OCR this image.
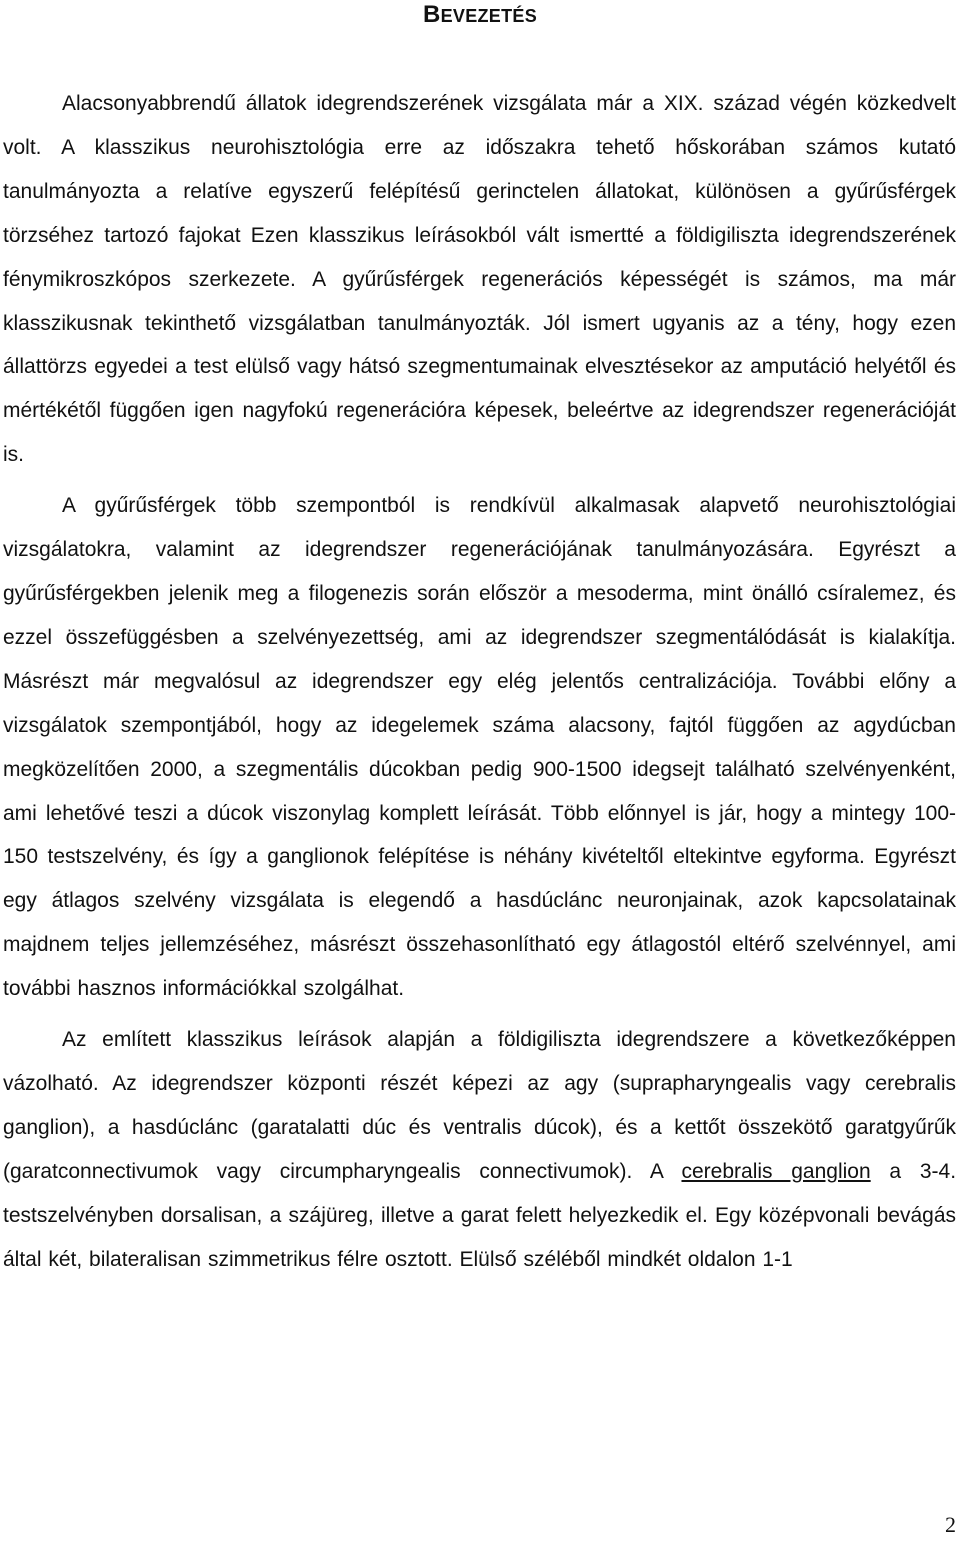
BEVEZETÉS

Alacsonyabbrendű állatok idegrendszerének vizsgálata már a XIX. század végén közkedvelt volt. A klasszikus neurohisztológia erre az időszakra tehető hőskorában számos kutató tanulmányozta a relatíve egyszerű felépítésű gerinctelen állatokat, különösen a gyűrűsférgek törzséhez tartozó fajokat Ezen klasszikus leírásokból vált ismertté a földigiliszta idegrendszerének fénymikroszkópos szerkezete. A gyűrűsférgek regenerációs képességét is számos, ma már klasszikusnak tekinthető vizsgálatban tanulmányozták. Jól ismert ugyanis az a tény, hogy ezen állattörzs egyedei a test elülső vagy hátsó szegmentumainak elvesztésekor az amputáció helyétől és mértékétől függően igen nagyfokú regenerációra képesek, beleértve az idegrendszer regenerációját is.

A gyűrűsférgek több szempontból is rendkívül alkalmasak alapvető neurohisztológiai vizsgálatokra, valamint az idegrendszer regenerációjának tanulmányozására. Egyrészt a gyűrűsférgekben jelenik meg a filogenezis során először a mesoderma, mint önálló csíralemez, és ezzel összefüggésben a szelvényezettség, ami az idegrendszer szegmentálódását is kialakítja. Másrészt már megvalósul az idegrendszer egy elég jelentős centralizációja. További előny a vizsgálatok szempontjából, hogy az idegelemek száma alacsony, fajtól függően az agydúcban megközelítően 2000, a szegmentális dúcokban pedig 900-1500 idegsejt található szelvényenként, ami lehetővé teszi a dúcok viszonylag komplett leírását. Több előnnyel is jár, hogy a mintegy 100-150 testszelvény, és így a ganglionok felépítése is néhány kivételtől eltekintve egyforma. Egyrészt egy átlagos szelvény vizsgálata is elegendő a hasdúclánc neuronjainak, azok kapcsolatainak majdnem teljes jellemzéséhez, másrészt összehasonlítható egy átlagostól eltérő szelvénnyel, ami további hasznos információkkal szolgálhat.

Az említett klasszikus leírások alapján a földigiliszta idegrendszere a következőképpen vázolható. Az idegrendszer központi részét képezi az agy (suprapharyngealis vagy cerebralis ganglion), a hasdúclánc (garatalatti dúc és ventralis dúcok), és a kettőt összekötő garatgyűrűk (garatconnectivumok vagy circumpharyngealis connectivumok). A cerebralis ganglion a 3-4. testszelvényben dorsalisan, a szájüreg, illetve a garat felett helyezkedik el. Egy középvonali bevágás által két, bilateralisan szimmetrikus félre osztott. Elülső széléből mindkét oldalon 1-1

2
